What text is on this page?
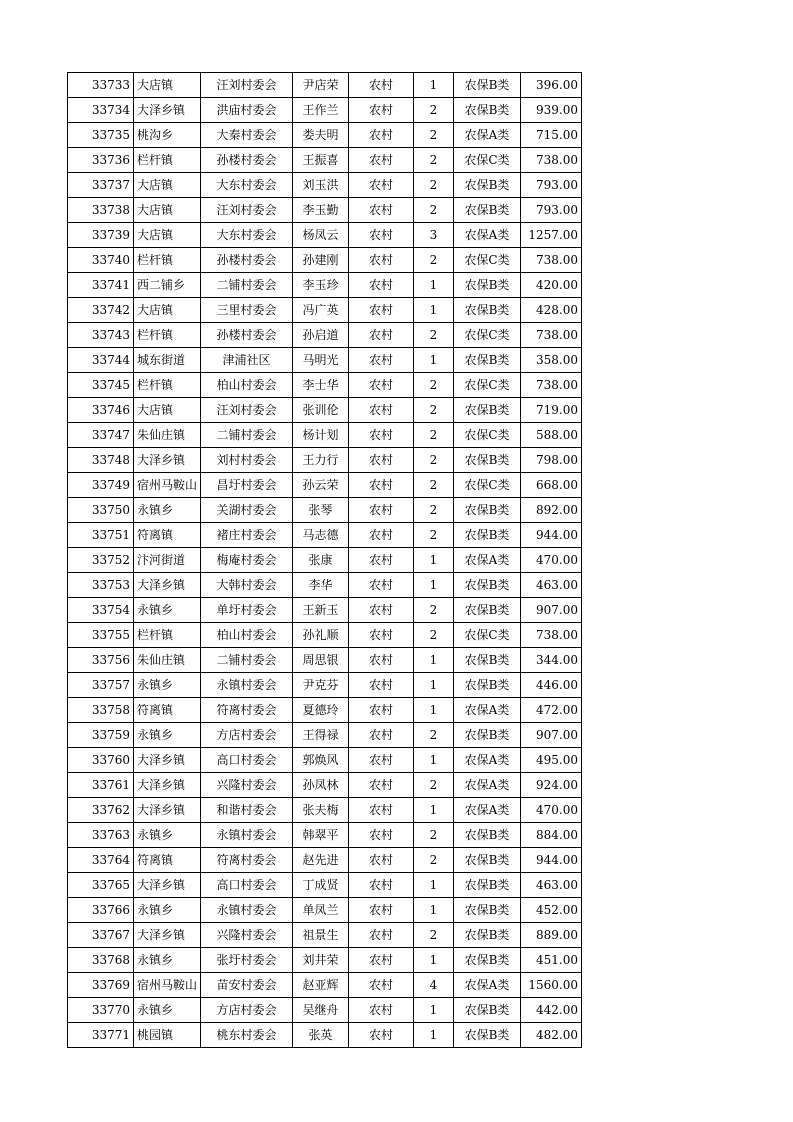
33733	大店镇	汪刘村委会	尹店荣	农村	1	农保B类	396.00
33734	大泽乡镇	洪庙村委会	王作兰	农村	2	农保B类	939.00
33735	桃沟乡	大秦村委会	娄夫明	农村	2	农保A类	715.00
33736	栏杆镇	孙楼村委会	王振喜	农村	2	农保C类	738.00
33737	大店镇	大东村委会	刘玉洪	农村	2	农保B类	793.00
33738	大店镇	汪刘村委会	李玉勤	农村	2	农保B类	793.00
33739	大店镇	大东村委会	杨凤云	农村	3	农保A类	1257.00
33740	栏杆镇	孙楼村委会	孙建刚	农村	2	农保C类	738.00
33741	西二铺乡	二铺村委会	李玉珍	农村	1	农保B类	420.00
33742	大店镇	三里村委会	冯广英	农村	1	农保B类	428.00
33743	栏杆镇	孙楼村委会	孙启道	农村	2	农保C类	738.00
33744	城东街道	津浦社区	马明光	农村	1	农保B类	358.00
33745	栏杆镇	柏山村委会	李士华	农村	2	农保C类	738.00
33746	大店镇	汪刘村委会	张训伦	农村	2	农保B类	719.00
33747	朱仙庄镇	二铺村委会	杨计划	农村	2	农保C类	588.00
33748	大泽乡镇	刘村村委会	王力行	农村	2	农保B类	798.00
33749	宿州马鞍山	昌圩村委会	孙云荣	农村	2	农保C类	668.00
33750	永镇乡	关湖村委会	张琴	农村	2	农保B类	892.00
33751	符离镇	褚庄村委会	马志德	农村	2	农保B类	944.00
33752	汴河街道	梅庵村委会	张康	农村	1	农保A类	470.00
33753	大泽乡镇	大韩村委会	李华	农村	1	农保B类	463.00
33754	永镇乡	单圩村委会	王新玉	农村	2	农保B类	907.00
33755	栏杆镇	柏山村委会	孙礼顺	农村	2	农保C类	738.00
33756	朱仙庄镇	二铺村委会	周思银	农村	1	农保B类	344.00
33757	永镇乡	永镇村委会	尹克芬	农村	1	农保B类	446.00
33758	符离镇	符离村委会	夏德玲	农村	1	农保A类	472.00
33759	永镇乡	方店村委会	王得禄	农村	2	农保B类	907.00
33760	大泽乡镇	高口村委会	郭焕风	农村	1	农保A类	495.00
33761	大泽乡镇	兴隆村委会	孙凤林	农村	2	农保A类	924.00
33762	大泽乡镇	和谐村委会	张夫梅	农村	1	农保A类	470.00
33763	永镇乡	永镇村委会	韩翠平	农村	2	农保B类	884.00
33764	符离镇	符离村委会	赵先进	农村	2	农保B类	944.00
33765	大泽乡镇	高口村委会	丁成贤	农村	1	农保B类	463.00
33766	永镇乡	永镇村委会	单凤兰	农村	1	农保B类	452.00
33767	大泽乡镇	兴隆村委会	祖景生	农村	2	农保B类	889.00
33768	永镇乡	张圩村委会	刘井荣	农村	1	农保B类	451.00
33769	宿州马鞍山	苗安村委会	赵亚辉	农村	4	农保A类	1560.00
33770	永镇乡	方店村委会	吴继舟	农村	1	农保B类	442.00
33771	桃园镇	桃东村委会	张英	农村	1	农保B类	482.00
